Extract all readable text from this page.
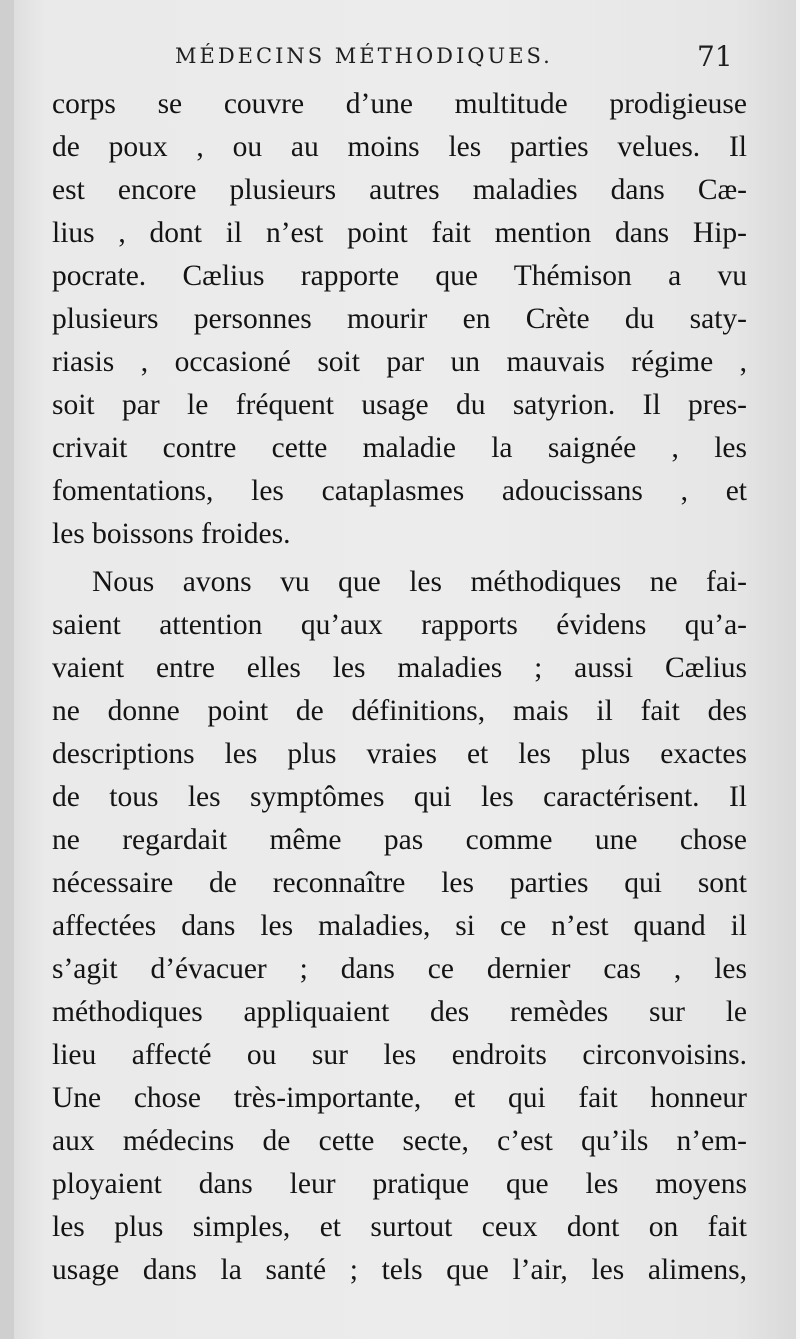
MÉDECINS MÉTHODIQUES.	71
corps se couvre d’une multitude prodigieuse
de poux , ou au moins les parties velues. Il
est encore plusieurs autres maladies dans Cæ-
lius , dont il n’est point fait mention dans Hip-
pocrate. Cælius rapporte que Thémison a vu
plusieurs personnes mourir en Crète du saty-
riasis , occasioné soit par un mauvais régime ,
soit par le fréquent usage du satyrion. Il pres-
crivait contre cette maladie la saignée , les
fomentations, les cataplasmes adoucissans , et
les boissons froides.
Nous avons vu que les méthodiques ne fai-
saient attention qu’aux rapports évidens qu’a-
vaient entre elles les maladies ; aussi Cælius
ne donne point de définitions, mais il fait des
descriptions les plus vraies et les plus exactes
de tous les symptômes qui les caractérisent. Il
ne regardait même pas comme une chose
nécessaire de reconnaître les parties qui sont
affectées dans les maladies, si ce n’est quand il
s’agit d’évacuer ; dans ce dernier cas , les
méthodiques appliquaient des remèdes sur le
lieu affecté ou sur les endroits circonvoisins.
Une chose très-importante, et qui fait honneur
aux médecins de cette secte, c’est qu’ils n’em-
ployaient dans leur pratique que les moyens
les plus simples, et surtout ceux dont on fait
usage dans la santé ; tels que l’air, les alimens,
